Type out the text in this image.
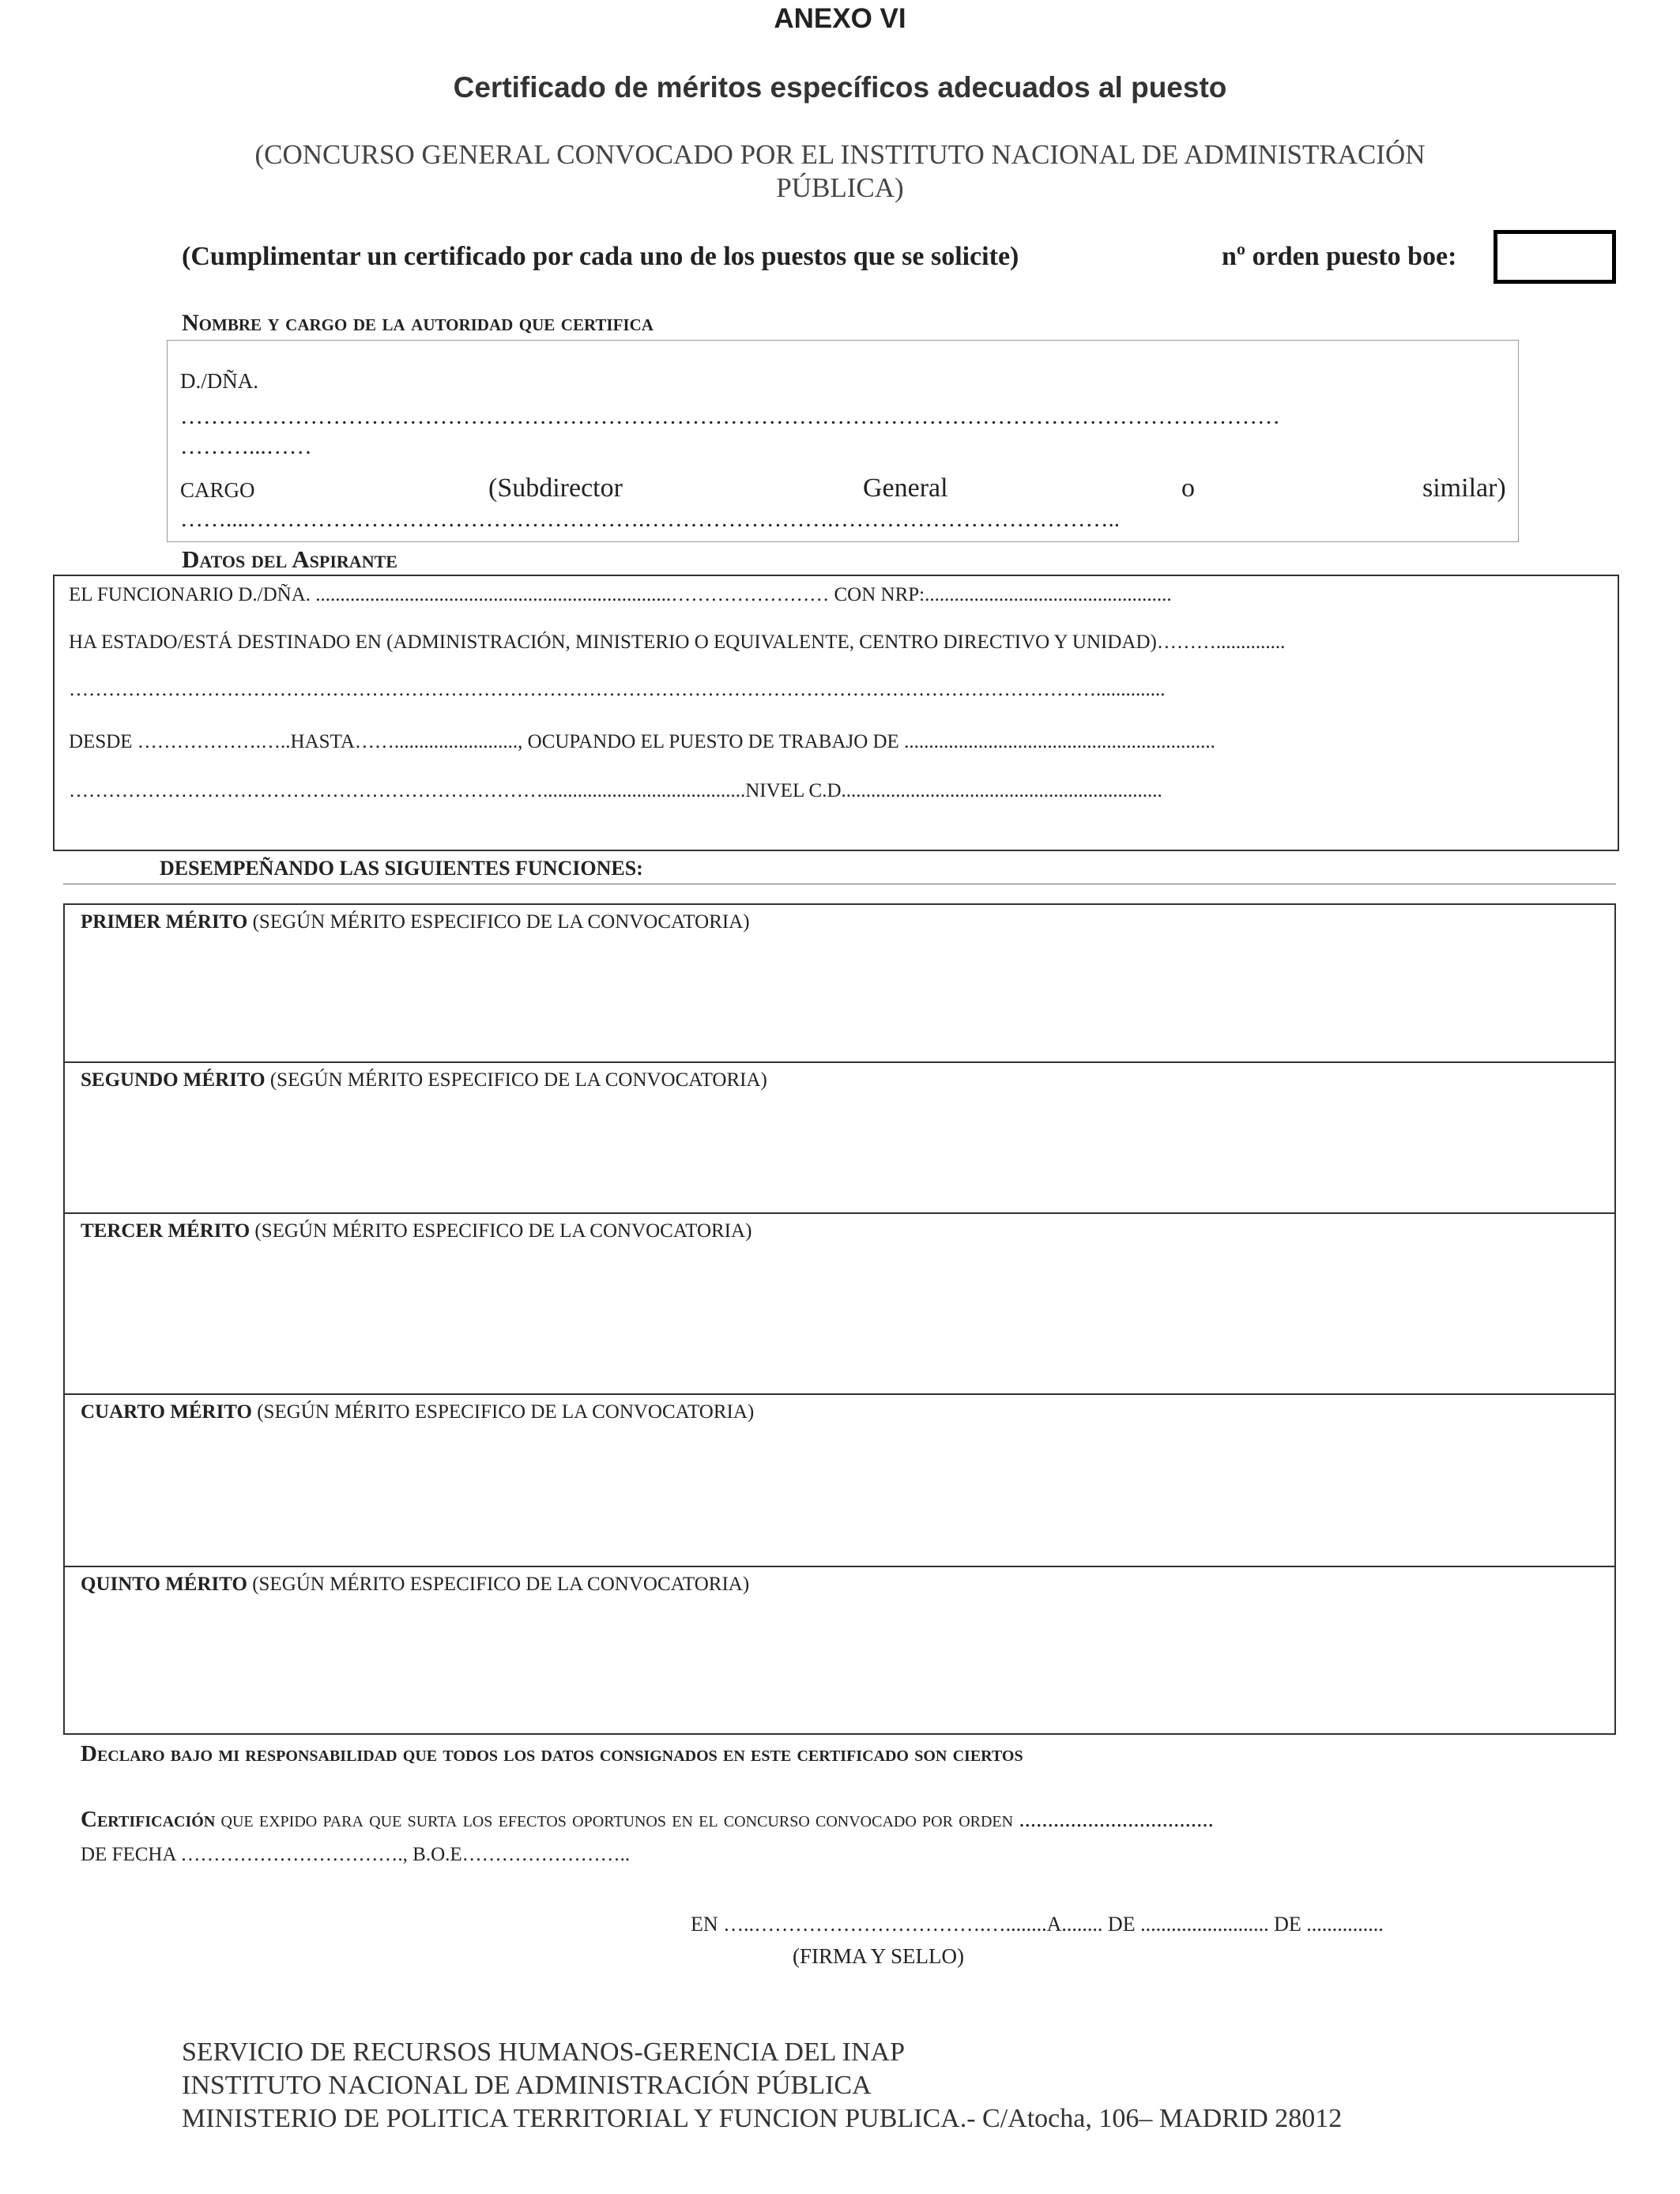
ANEXO VI
Certificado de méritos específicos adecuados al puesto
(CONCURSO GENERAL CONVOCADO POR EL INSTITUTO NACIONAL DE ADMINISTRACIÓN
PÚBLICA)
(Cumplimentar un certificado por cada uno de los puestos que se solicite)	nº orden puesto boe:
Nombre y cargo de la autoridad que certifica
D./DÑA.
………………………………………………………………………………………………………………………………
………...……
CARGO	(Subdirector	General	o	similar)
……....…………………………………………….…………………….………………………………..
Datos del Aspirante
EL FUNCIONARIO D./DÑA. ........................................................................…………………… CON NRP:..................................................
HA ESTADO/ESTÁ DESTINADO EN (ADMINISTRACIÓN, MINISTERIO O EQUIVALENTE, CENTRO DIRECTIVO Y UNIDAD)………..............
…………………………………………………………………………………………………………………………………………..............
DESDE ……………….…..HASTA……........................., OCUPANDO EL PUESTO DE TRABAJO DE ...............................................................
……………………………………………………………….........................................NIVEL C.D.................................................................
DESEMPEÑANDO LAS SIGUIENTES FUNCIONES:
PRIMER MÉRITO (SEGÚN MÉRITO ESPECIFICO DE LA CONVOCATORIA)
SEGUNDO MÉRITO (SEGÚN MÉRITO ESPECIFICO DE LA CONVOCATORIA)
TERCER MÉRITO (SEGÚN MÉRITO ESPECIFICO DE LA CONVOCATORIA)
CUARTO MÉRITO (SEGÚN MÉRITO ESPECIFICO DE LA CONVOCATORIA)
QUINTO MÉRITO (SEGÚN MÉRITO ESPECIFICO DE LA CONVOCATORIA)
Declaro bajo mi responsabilidad que todos los datos consignados en este certificado son ciertos
Certificación que expido para que surta los efectos oportunos en el concurso convocado por orden ..................................
DE FECHA ……………………………., B.O.E……………………..
EN …..…………………………….…........A........ DE ......................... DE ...............
(FIRMA Y SELLO)
SERVICIO DE RECURSOS HUMANOS-GERENCIA DEL INAP
INSTITUTO NACIONAL DE ADMINISTRACIÓN PÚBLICA
MINISTERIO DE POLITICA TERRITORIAL Y FUNCION PUBLICA.- C/Atocha, 106– MADRID 28012
